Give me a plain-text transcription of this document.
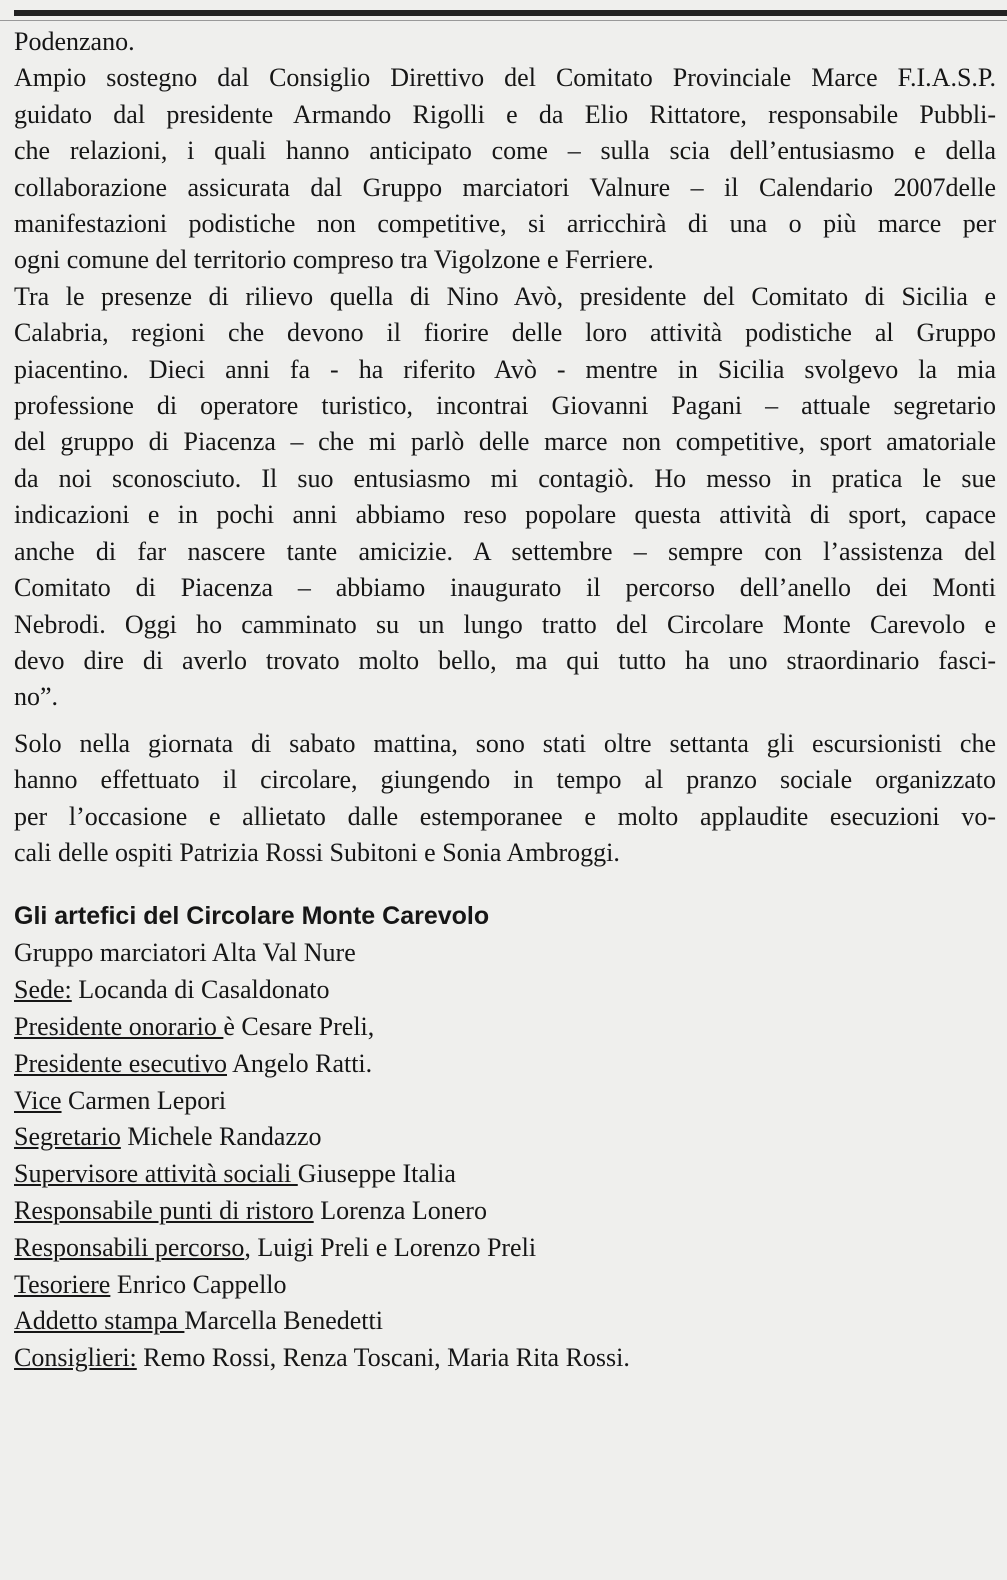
Podenzano.

Ampio sostegno dal Consiglio Direttivo del Comitato Provinciale Marce F.I.A.S.P.
guidato dal presidente Armando Rigolli e da Elio Rittatore, responsabile Pubbli-
che relazioni, i quali hanno anticipato come – sulla scia dell’entusiasmo e della
collaborazione assicurata dal Gruppo marciatori Valnure – il Calendario 2007delle
manifestazioni podistiche non competitive, si arricchirà di una o più marce per
ogni comune del territorio compreso tra Vigolzone e Ferriere.

Tra le presenze di rilievo quella di Nino Avò, presidente del Comitato di Sicilia e
Calabria, regioni che devono il fiorire delle loro attività podistiche al Gruppo
piacentino. Dieci anni fa - ha riferito Avò - mentre in Sicilia svolgevo la mia
professione di operatore turistico, incontrai Giovanni Pagani – attuale segretario
del gruppo di Piacenza – che mi parlò delle marce non competitive, sport amatoriale
da noi sconosciuto. Il suo entusiasmo mi contagiò. Ho messo in pratica le sue
indicazioni e in pochi anni abbiamo reso popolare questa attività di sport, capace
anche di far nascere tante amicizie. A settembre – sempre con l’assistenza del
Comitato di Piacenza – abbiamo inaugurato il percorso dell’anello dei Monti
Nebrodi. Oggi ho camminato su un lungo tratto del Circolare Monte Carevolo e
devo dire di averlo trovato molto bello, ma qui tutto ha uno straordinario fasci-
no”.

Solo nella giornata di sabato mattina, sono stati oltre settanta gli escursionisti che
hanno effettuato il circolare, giungendo in tempo al pranzo sociale organizzato
per l’occasione e allietato dalle estemporanee e molto applaudite esecuzioni vo-
cali delle ospiti Patrizia Rossi Subitoni e Sonia Ambroggi.

Gli artefici del Circolare Monte Carevolo
Gruppo marciatori Alta Val Nure
Sede: Locanda di Casaldonato
Presidente onorario è Cesare Preli,
Presidente esecutivo Angelo Ratti.
Vice Carmen Lepori
Segretario Michele Randazzo
Supervisore attività sociali Giuseppe Italia
Responsabile punti di ristoro Lorenza Lonero
Responsabili percorso, Luigi Preli e Lorenzo Preli
Tesoriere Enrico Cappello
Addetto stampa Marcella Benedetti
Consiglieri: Remo Rossi, Renza Toscani, Maria Rita Rossi.
